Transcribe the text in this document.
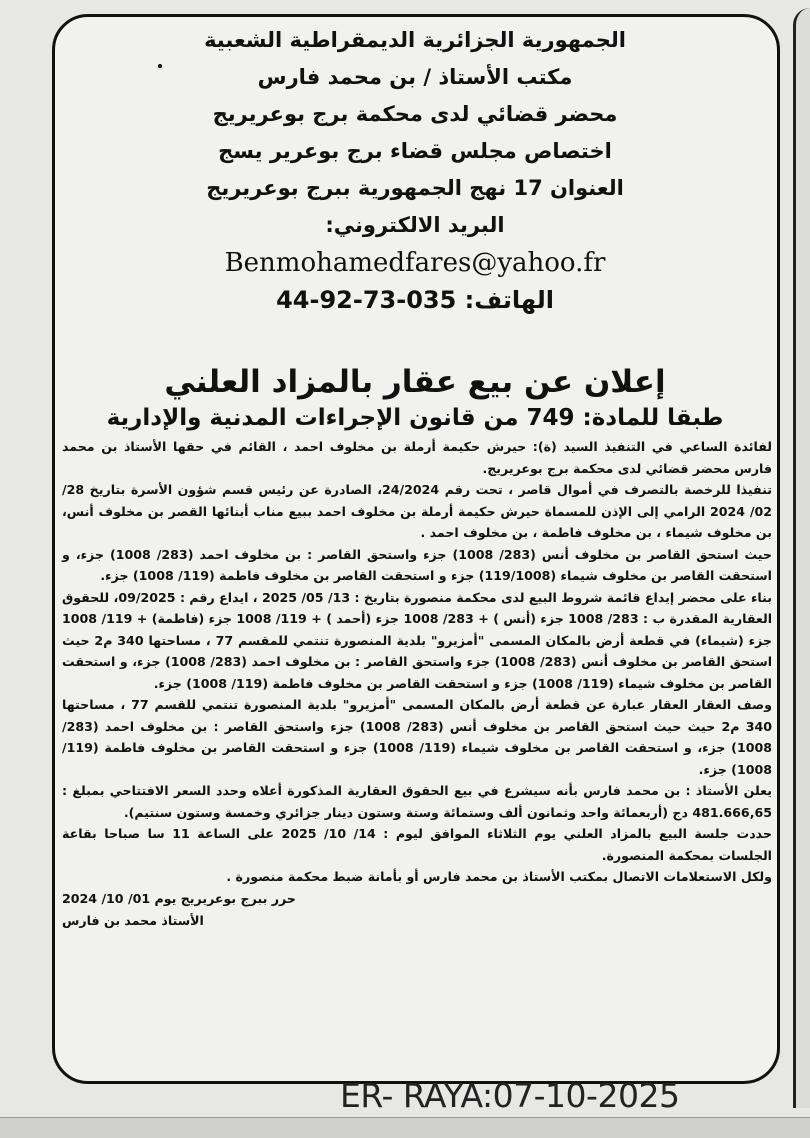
الجمهورية الجزائرية الديمقراطية الشعبية
مكتب الأستاذ / بن محمد فارس
محضر قضائي لدى محكمة برج بوعريريج
اختصاص مجلس قضاء برج بوعرير يسج
العنوان 17 نهج الجمهورية ببرج بوعريريج
البريد الالكتروني:
Benmohamedfares@yahoo.fr
الهاتف: 035-73-92-44
إعلان عن بيع عقار بالمزاد العلني
طبقا للمادة: 749 من قانون الإجراءات المدنية والإدارية

لفائدة الساعي في التنفيذ السيد (ة): حيرش حكيمة أرملة بن مخلوف احمد ، القائم في حقها الأستاذ بن محمد فارس محضر قضائي لدى محكمة برج بوعريريج.

تنفيذا للرخصة بالتصرف في أموال قاصر ، تحت رقم 24/2024، الصادرة عن رئيس قسم شؤون الأسرة بتاريخ 28/ 02/ 2024 الرامي إلى الإذن للمسماة حيرش حكيمة أرملة بن مخلوف احمد ببيع مناب أبنائها القصر بن مخلوف أنس، بن مخلوف شيماء ، بن مخلوف فاطمة ، بن مخلوف احمد .

حيث استحق القاصر بن مخلوف أنس (283/ 1008) جزء واستحق القاصر : بن مخلوف احمد (283/ 1008) جزء، و استحقت القاصر بن مخلوف شيماء (119/1008) جزء و استحقت القاصر بن مخلوف فاطمة (119/ 1008) جزء.

بناء على محضر إيداع قائمة شروط البيع لدى محكمة منصورة بتاريخ : 13/ 05/ 2025 ، ايداع رقم : 09/2025، للحقوق العقارية المقدرة ب : 283/ 1008 جزء (أنس ) + 283/ 1008 جزء (أحمد ) + 119/ 1008 جزء (فاطمة) + 119/ 1008 جزء (شيماء) في قطعة أرض بالمكان المسمى "أمزيرو" بلدية المنصورة تنتمي للمقسم 77 ، مساحتها 340 م2 حيث استحق القاصر بن مخلوف أنس (283/ 1008) جزء واستحق القاصر : بن مخلوف احمد (283/ 1008) جزء، و استحقت القاصر بن مخلوف شيماء (119/ 1008) جزء و استحقت القاصر بن مخلوف فاطمة (119/ 1008) جزء.

وصف العقار العقار عبارة عن قطعة أرض بالمكان المسمى "أمزيرو" بلدية المنصورة تنتمي للقسم 77 ، مساحتها 340 م2 حيث حيث استحق القاصر بن مخلوف أنس (283/ 1008) جزء واستحق القاصر : بن مخلوف احمد (283/ 1008) جزء، و استحقت القاصر بن مخلوف شيماء (119/ 1008) جزء و استحقت القاصر بن مخلوف فاطمة (119/ 1008) جزء.

يعلن الأستاذ : بن محمد فارس بأنه سيشرع في بيع الحقوق العقارية المذكورة أعلاه وحدد السعر الافتتاحي بمبلغ : 481.666,65 دج (أربعمائة واحد وثمانون ألف وستمائة وستة وستون دينار جزائري وخمسة وستون سنتيم).

حددت جلسة البيع بالمزاد العلني يوم الثلاثاء الموافق ليوم : 14/ 10/ 2025 على الساعة 11 سا صباحا بقاعة الجلسات بمحكمة المنصورة.

ولكل الاستعلامات الاتصال بمكتب الأستاذ بن محمد فارس أو بأمانة ضبط محكمة منصورة .

حرر ببرج بوعريريج يوم 01/ 10/ 2024
الأستاذ محمد بن فارس
ER- RAYA:07-10-2025
